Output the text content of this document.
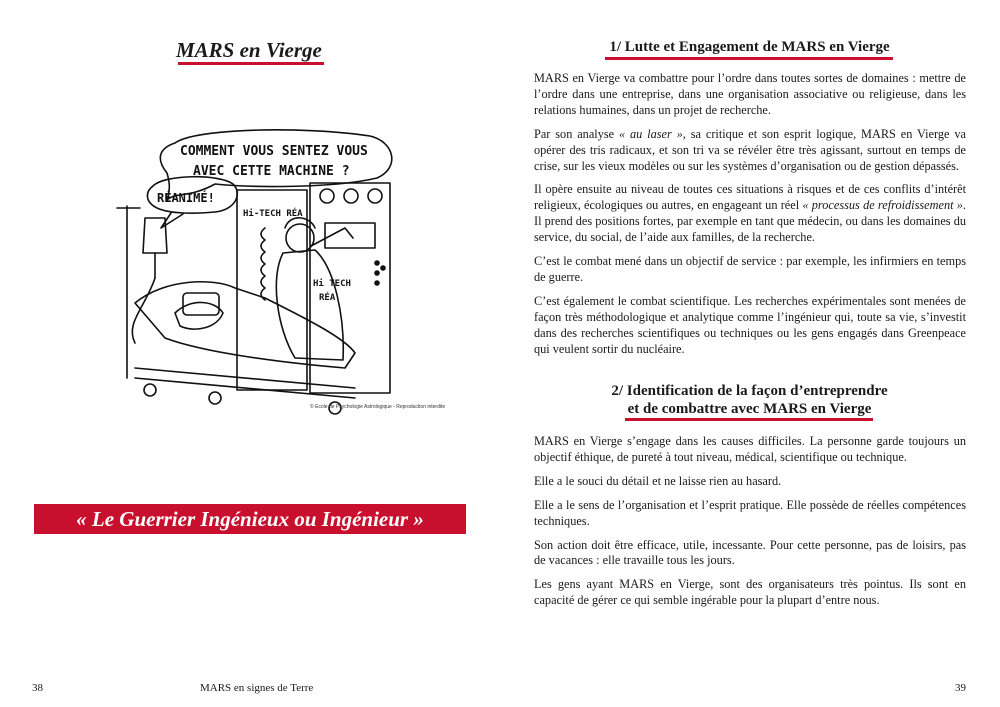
MARS en Vierge
COMMENT VOUS SENTEZ VOUS
AVEC CETTE MACHINE ?
RÉANIMÉ!
Hi-TECH RÉA
Hi TECH
RÉA
© Ecole de Psychologie Astrologique - Reproduction interdite
« Le Guerrier Ingénieux ou Ingénieur »
38	MARS en signes de Terre
1/ Lutte et Engagement de MARS en Vierge

MARS en Vierge va combattre pour l’ordre dans toutes sortes de domaines : mettre de l’ordre dans une entreprise, dans une organisation associative ou religieuse, dans les relations humaines, dans un projet de recherche.

Par son analyse « au laser », sa critique et son esprit logique, MARS en Vierge va opérer des tris radicaux, et son tri va se révéler être très agissant, surtout en temps de crise, sur les vieux modèles ou sur les systèmes d’organisation ou de gestion dépassés.

Il opère ensuite au niveau de toutes ces situations à risques et de ces conflits d’intérêt religieux, écologiques ou autres, en engageant un réel « processus de refroidissement ». Il prend des positions fortes, par exemple en tant que médecin, ou dans les domaines du service, du social, de l’aide aux familles, de la recherche.

C’est le combat mené dans un objectif de service : par exemple, les infirmiers en temps de guerre.

C’est également le combat scientifique. Les recherches expérimentales sont menées de façon très méthodologique et analytique comme l’ingénieur qui, toute sa vie, s’investit dans des recherches scientifiques ou techniques ou les gens engagés dans Greenpeace qui veulent sortir du nucléaire.

2/ Identification de la façon d’entreprendre
et de combattre avec MARS en Vierge

MARS en Vierge s’engage dans les causes difficiles. La personne garde toujours un objectif éthique, de pureté à tout niveau, médical, scientifique ou technique.

Elle a le souci du détail et ne laisse rien au hasard.

Elle a le sens de l’organisation et l’esprit pratique. Elle possède de réelles compétences techniques.

Son action doit être efficace, utile, incessante. Pour cette personne, pas de loisirs, pas de vacances : elle travaille tous les jours.

Les gens ayant MARS en Vierge, sont des organisateurs très pointus. Ils sont en capacité de gérer ce qui semble ingérable pour la plupart d’entre nous.

39
